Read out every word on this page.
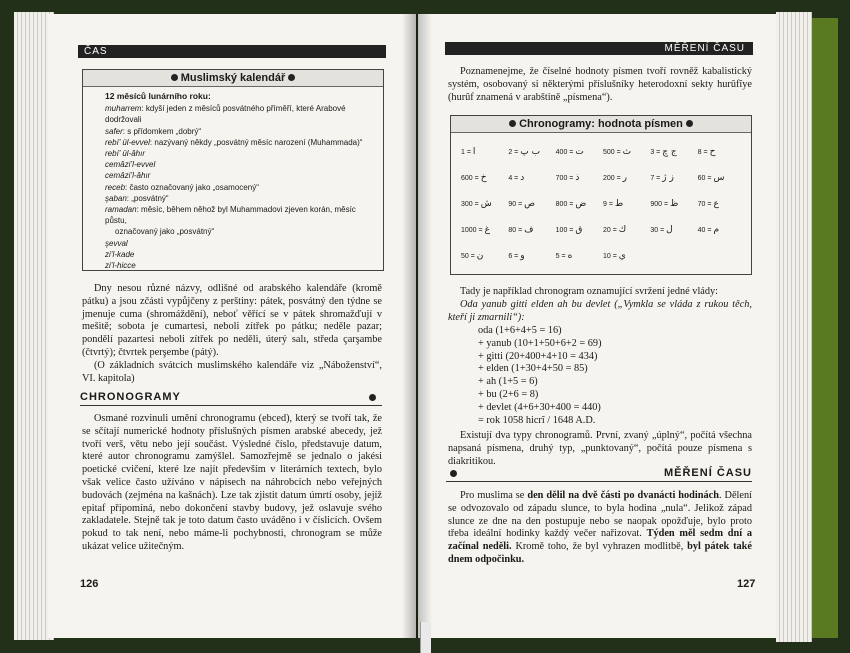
ČAS
Muslimský kalendář
12 měsíců lunárního roku:
muharrem: kdyší jeden z měsíců posvátného příměří, které Arabové dodržovali
safer: s přídomkem „dobrý“
rebí’ ül-evvel: nazývaný někdy „posvátný měsíc narození (Muhammada)“
rebí’ ül-âhır
cemâzi’l-evvel
cemâzi’l-âhır
receb: často označovaný jako „osamocený“
şaban: „posvátný“
ramadan: měsíc, během něhož byl Muhammadovi zjeven korán, měsíc půstu,
označovaný jako „posvátný“
şevval
zi’l-kade
zi’l-hicce

Dny nesou různé názvy, odlišné od arabského kalendáře (kromě pátku) a jsou zčásti vypůjčeny z perštiny: pátek, posvátný den týdne se jmenuje cuma (shromáždění), neboť věřící se v pátek shromažďují v mešitě; sobota je cumartesi, neboli zítřek po pátku; neděle pazar; pondělí pazartesi neboli zítřek po neděli, úterý salı, středa çarşambe (čtvrtý); čtvrtek perşembe (pátý).

(O základních svátcích muslimského kalendáře viz „Náboženství“, VI. kapitola)

CHRONOGRAMY

Osmané rozvinuli umění chronogramu (ebced), který se tvoří tak, že se sčítají numerické hodnoty příslušných písmen arabské abecedy, jež tvoří verš, větu nebo její součást. Výsledné číslo, představuje datum, které autor chronogramu zamýšlel. Samozřejmě se jednalo o jakési poetické cvičení, které lze najít především v literárních textech, bylo však velice často užíváno v nápisech na náhrobcích nebo veřejných budovách (zejména na kašnách). Lze tak zjistit datum úmrtí osoby, jejíž epitaf připomíná, nebo dokončení stavby budovy, jež oslavuje svého zakladatele. Stejně tak je toto datum často uváděno i v číslicích. Ovšem pokud to tak není, nebo máme-li pochybnosti, chronogram se může ukázat velice užitečným.

126
MĚŘENÍ ČASU

Poznamenejme, že číselné hodnoty písmen tvoří rovněž kabalistický systém, osobovaný si některými příslušníky heterodoxní sekty hurûfîye (hurûf znamená v arabštině „písmena“).

Chronogramy: hodnota písmen
ا = 1	ب پ = 2	ت = 400	ث = 500	ج چ = 3	ح = 8
خ = 600	د = 4	ذ = 700	ر = 200	ز ژ = 7	س = 60
ش = 300	ص = 90	ض = 800	ط = 9	ظ = 900	ع = 70
غ = 1000	ف = 80	ق = 100	ك = 20	ل = 30	م = 40
ن = 50	و = 6	ه = 5	ي = 10

Tady je například chronogram oznamující svržení jedné vlády:

Oda yanub gitti elden ah bu devlet („Vymkla se vláda z rukou těch, kteří ji zmarnili“):

oda (1+6+4+5 = 16)
+ yanub (10+1+50+6+2 = 69)
+ gitti (20+400+4+10 = 434)
+ elden (1+30+4+50 = 85)
+ ah (1+5 = 6)
+ bu (2+6 = 8)
+ devlet (4+6+30+400 = 440)
= rok 1058 hicrî / 1648 A.D.

Existují dva typy chronogramů. První, zvaný „úplný“, počítá všechna napsaná písmena, druhý typ, „punktovaný“, počítá pouze písmena s diakritikou.

MĚŘENÍ ČASU

Pro muslima se den dělil na dvě části po dvanácti hodinách. Dělení se odvozovalo od západu slunce, to byla hodina „nula“. Jelikož západ slunce ze dne na den postupuje nebo se naopak opožďuje, bylo proto třeba ideální hodinky každý večer nařizovat. Týden měl sedm dní a začínal neděli. Kromě toho, že byl vyhrazen modlitbě, byl pátek také dnem odpočinku.

127
